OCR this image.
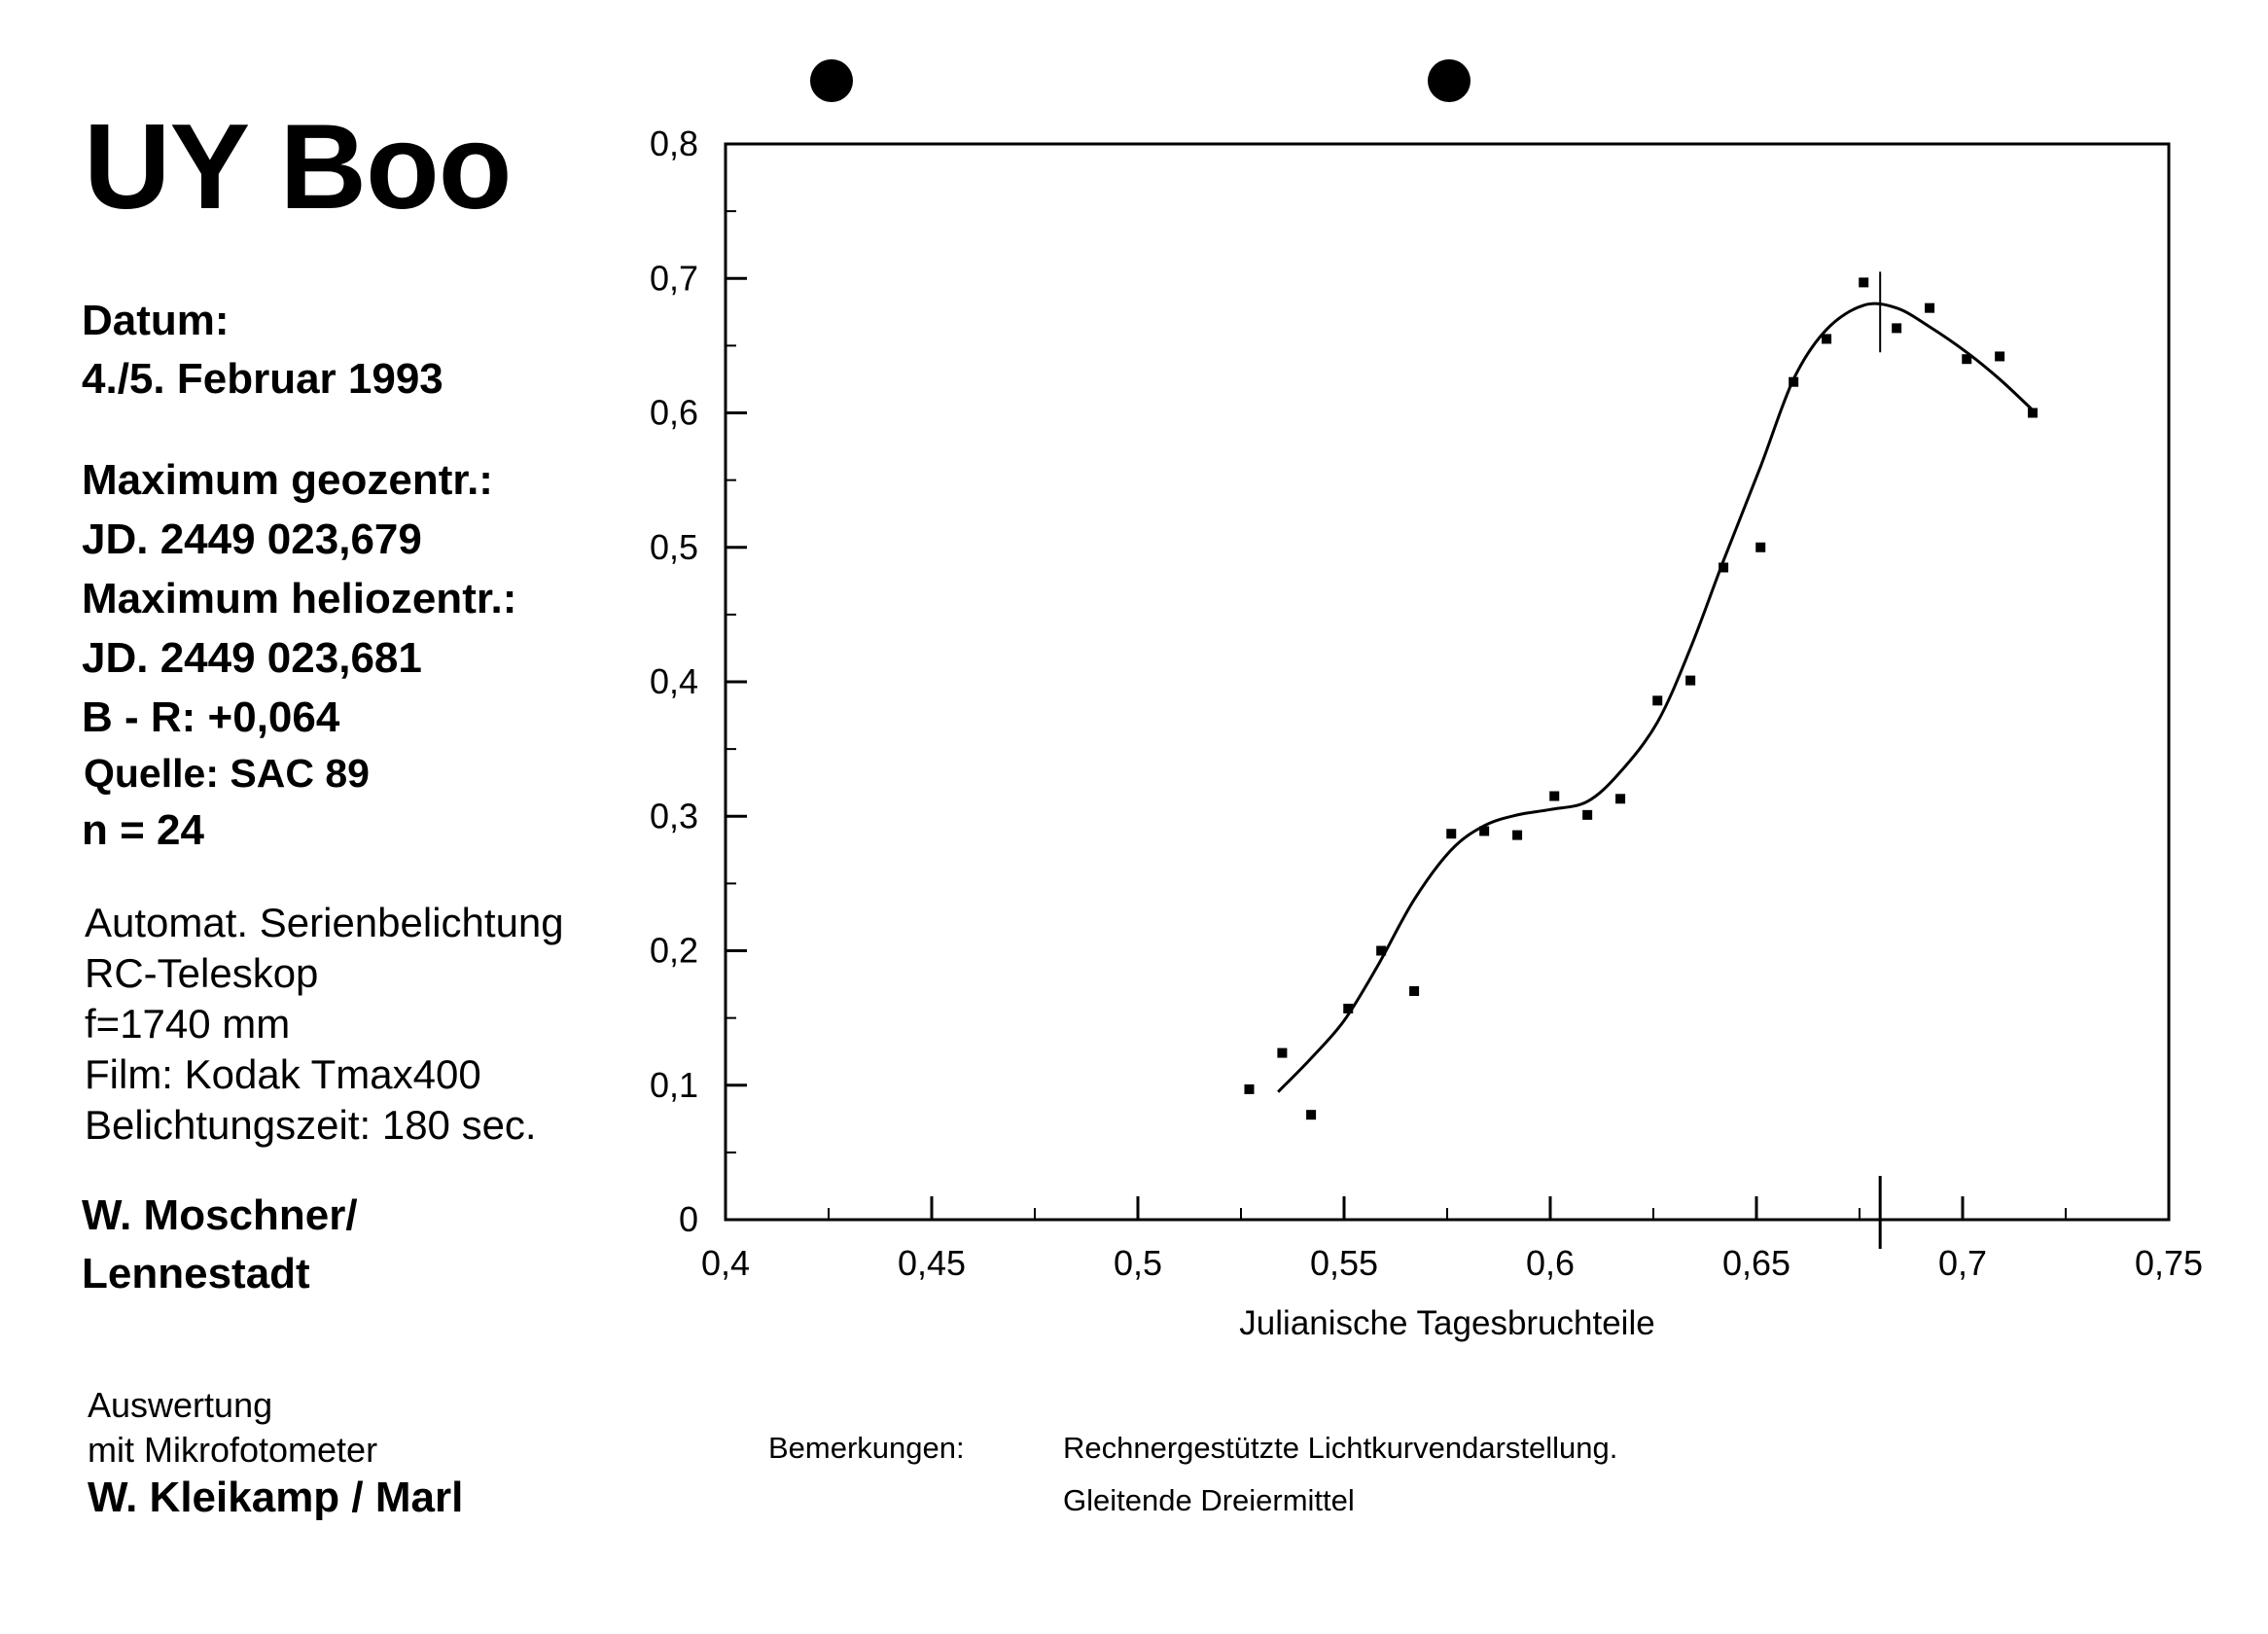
UY Boo
Datum:
4./5. Februar 1993
Maximum geozentr.:
JD. 2449 023,679
Maximum heliozentr.:
JD. 2449 023,681
B - R: +0,064
Quelle: SAC 89
n = 24
Automat. Serienbelichtung
RC-Teleskop
f=1740 mm
Film: Kodak Tmax400
Belichtungszeit: 180 sec.
W. Moschner/
Lennestadt
Auswertung
mit Mikrofotometer
W. Kleikamp / Marl
Bemerkungen:	Rechnergestützte Lichtkurvendarstellung.
Gleitende Dreiermittel
0,4	0,45	0,5	0,55	0,6	0,65	0,7	0,75
0
0,1
0,2
0,3
0,4
0,5
0,6
0,7
0,8
Julianische Tagesbruchteile
